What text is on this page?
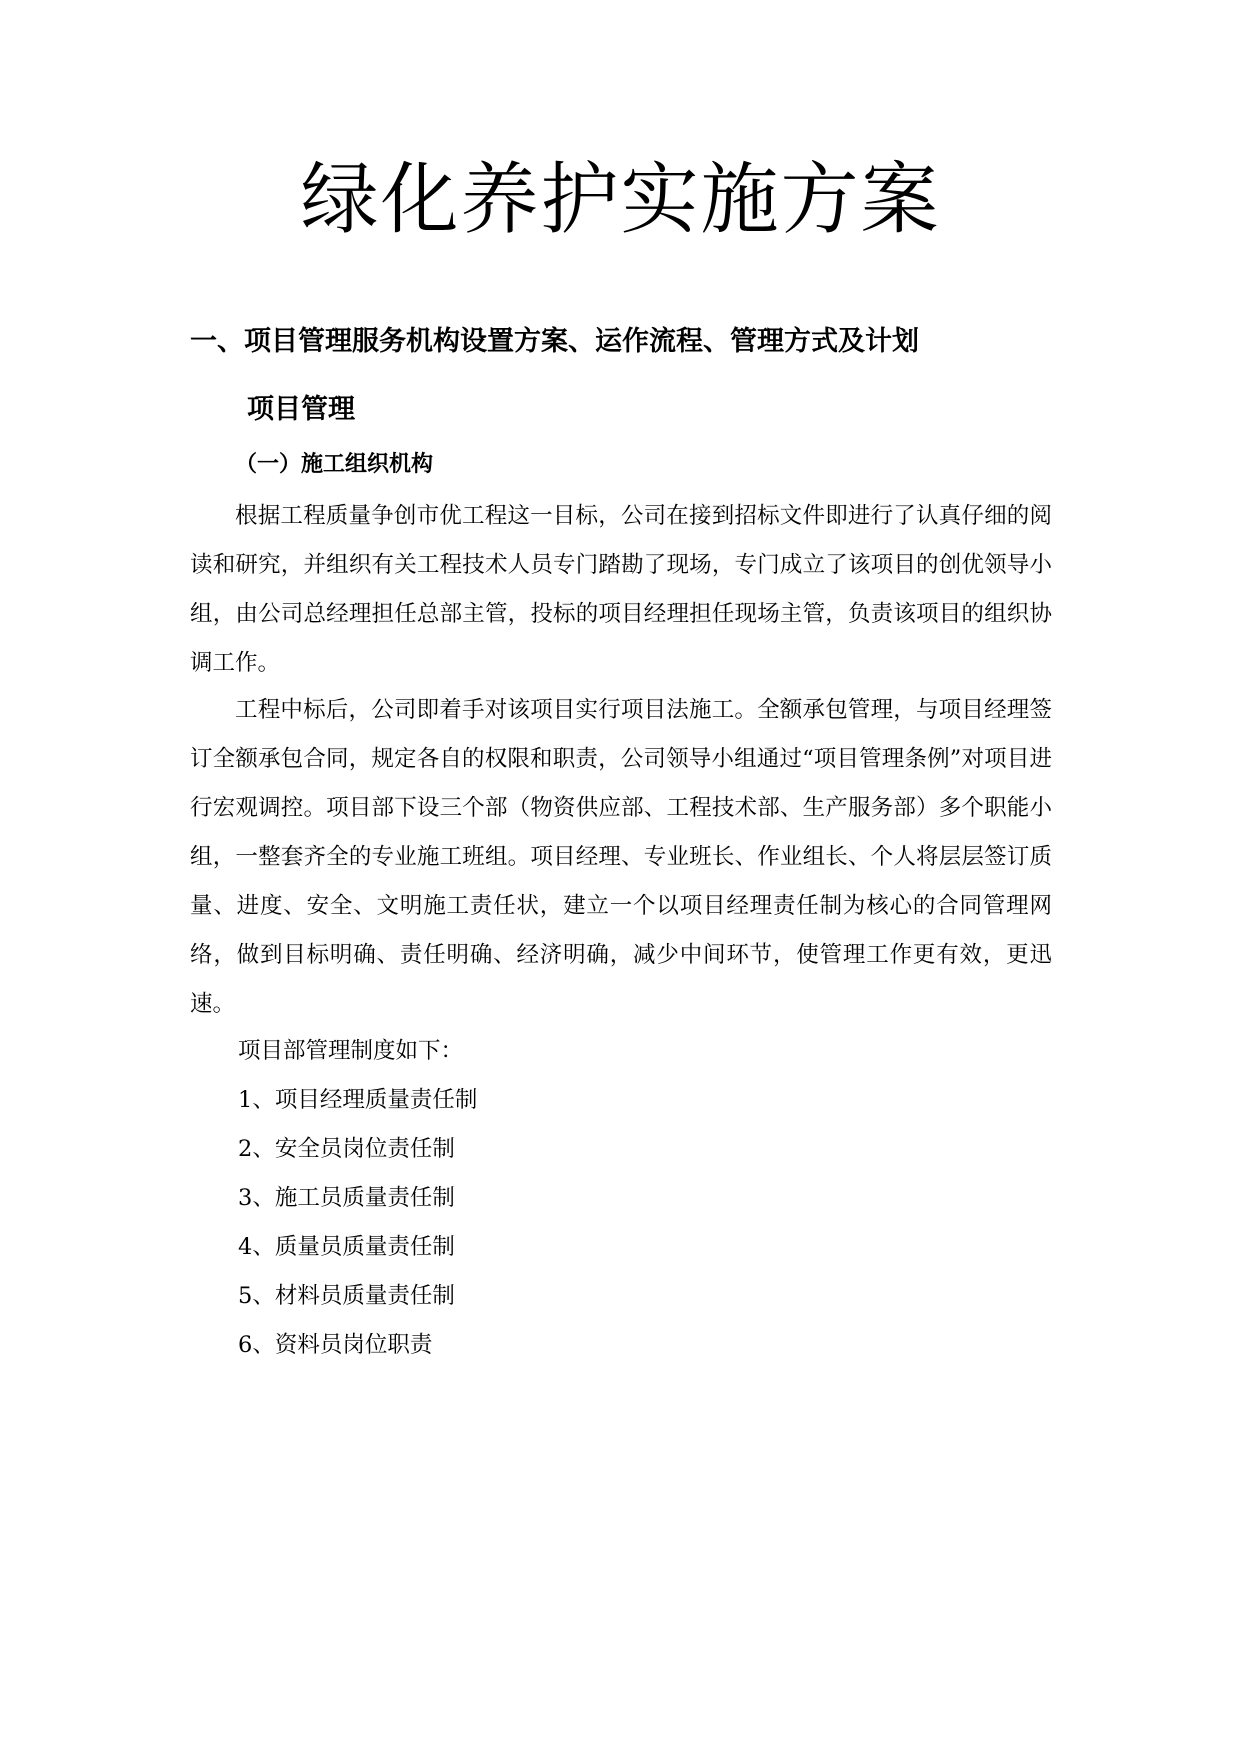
绿化养护实施方案
一、项目管理服务机构设置方案、运作流程、管理方式及计划
项目管理
（一）施工组织机构

根据工程质量争创市优工程这一目标，公司在接到招标文件即进行了认真仔细的阅读和研究，并组织有关工程技术人员专门踏勘了现场，专门成立了该项目的创优领导小组，由公司总经理担任总部主管，投标的项目经理担任现场主管，负责该项目的组织协调工作。

工程中标后，公司即着手对该项目实行项目法施工。全额承包管理，与项目经理签订全额承包合同，规定各自的权限和职责，公司领导小组通过“项目管理条例”对项目进行宏观调控。项目部下设三个部（物资供应部、工程技术部、生产服务部）多个职能小组，一整套齐全的专业施工班组。项目经理、专业班长、作业组长、个人将层层签订质量、进度、安全、文明施工责任状，建立一个以项目经理责任制为核心的合同管理网络，做到目标明确、责任明确、经济明确，减少中间环节，使管理工作更有效，更迅速。

项目部管理制度如下：

1、项目经理质量责任制
2、安全员岗位责任制
3、施工员质量责任制
4、质量员质量责任制
5、材料员质量责任制
6、资料员岗位职责
